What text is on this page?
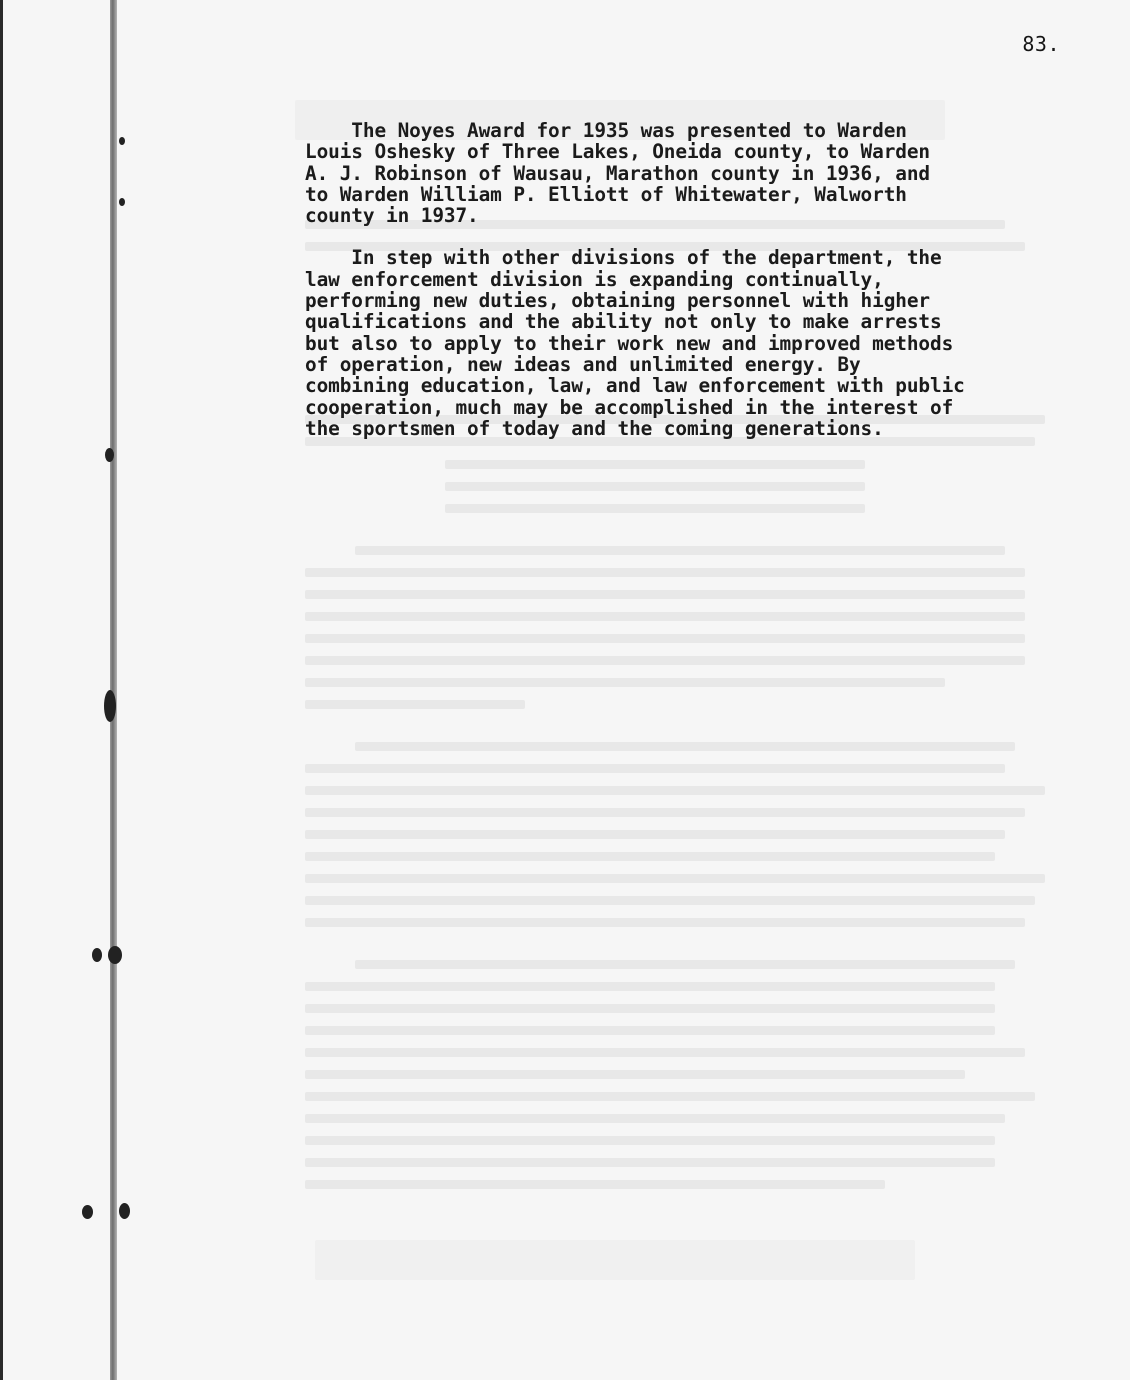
83.

The Noyes Award for 1935 was presented to Warden
Louis Oshesky of Three Lakes, Oneida county, to Warden
A. J. Robinson of Wausau, Marathon county in 1936, and
to Warden William P. Elliott of Whitewater, Walworth
county in 1937.

In step with other divisions of the department, the
law enforcement division is expanding continually,
performing new duties, obtaining personnel with higher
qualifications and the ability not only to make arrests
but also to apply to their work new and improved methods
of operation, new ideas and unlimited energy. By
combining education, law, and law enforcement with public
cooperation, much may be accomplished in the interest of
the sportsmen of today and the coming generations.
